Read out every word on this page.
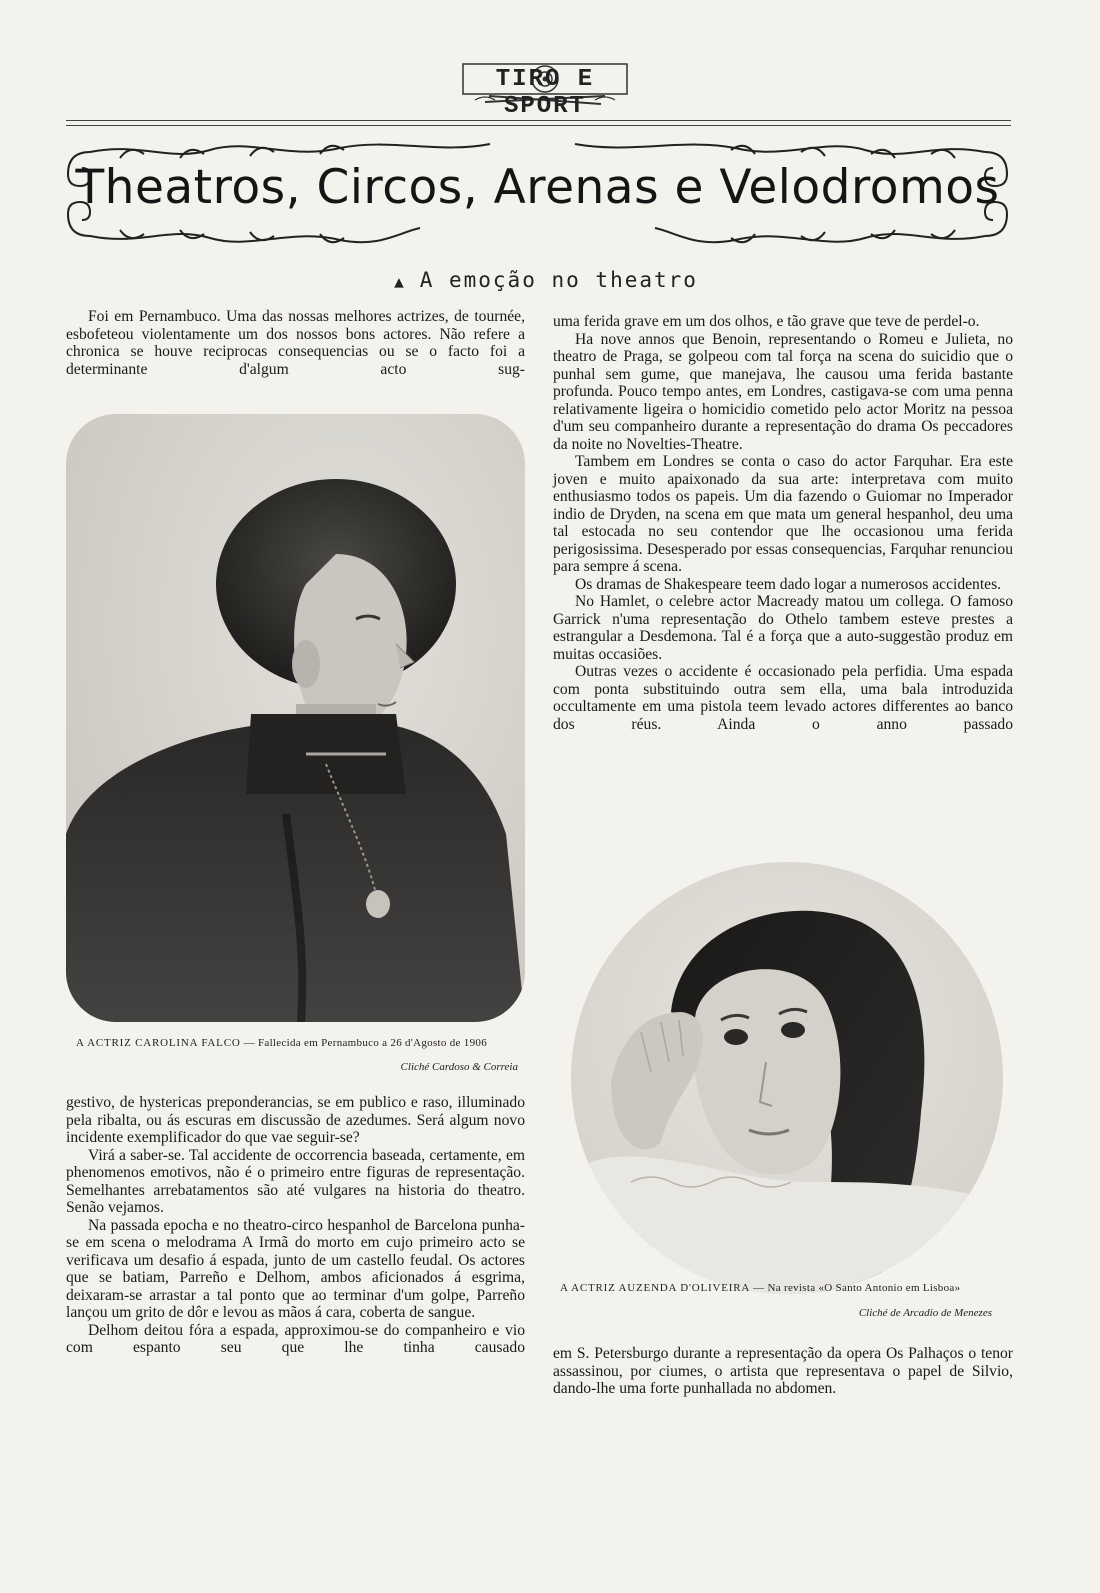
TIRO E SPORT
Theatros, Circos, Arenas e Velodromos
▲ A emoção no theatro

Foi em Pernambuco. Uma das nossas melhores actrizes, de tournée, esbofeteou violentamente um dos nossos bons actores. Não refere a chronica se houve reciprocas consequencias ou se o facto foi a determinante d'algum acto sug-

A ACTRIZ CAROLINA FALCO — Fallecida em Pernambuco a 26 d'Agosto de 1906
Cliché Cardoso & Correia

gestivo, de hystericas preponderancias, se em publico e raso, illuminado pela ribalta, ou ás escuras em discussão de azedumes. Será algum novo incidente exemplificador do que vae seguir-se?

Virá a saber-se. Tal accidente de occorrencia baseada, certamente, em phenomenos emotivos, não é o primeiro entre figuras de representação. Semelhantes arrebatamentos são até vulgares na historia do theatro. Senão vejamos.

Na passada epocha e no theatro-circo hespanhol de Barcelona punha-se em scena o melodrama A Irmã do morto em cujo primeiro acto se verificava um desafio á espada, junto de um castello feudal. Os actores que se batiam, Parreño e Delhom, ambos aficionados á esgrima, deixaram-se arrastar a tal ponto que ao terminar d'um golpe, Parreño lançou um grito de dôr e levou as mãos á cara, coberta de sangue.

Delhom deitou fóra a espada, approximou-se do companheiro e vio com espanto seu que lhe tinha causado

uma ferida grave em um dos olhos, e tão grave que teve de perdel-o.

Ha nove annos que Benoin, representando o Romeu e Julieta, no theatro de Praga, se golpeou com tal força na scena do suicidio que o punhal sem gume, que manejava, lhe causou uma ferida bastante profunda. Pouco tempo antes, em Londres, castigava-se com uma penna relativamente ligeira o homicidio cometido pelo actor Moritz na pessoa d'um seu companheiro durante a representação do drama Os peccadores da noite no Novelties-Theatre.

Tambem em Londres se conta o caso do actor Farquhar. Era este joven e muito apaixonado da sua arte: interpretava com muito enthusiasmo todos os papeis. Um dia fazendo o Guiomar no Imperador indio de Dryden, na scena em que mata um general hespanhol, deu uma tal estocada no seu contendor que lhe occasionou uma ferida perigosissima. Desesperado por essas consequencias, Farquhar renunciou para sempre á scena.

Os dramas de Shakespeare teem dado logar a numerosos accidentes.

No Hamlet, o celebre actor Macready matou um collega. O famoso Garrick n'uma representação do Othelo tambem esteve prestes a estrangular a Desdemona. Tal é a força que a auto-suggestão produz em muitas occasiões.

Outras vezes o accidente é occasionado pela perfidia. Uma espada com ponta substituindo outra sem ella, uma bala introduzida occultamente em uma pistola teem levado actores differentes ao banco dos réus. Ainda o anno passado

A ACTRIZ AUZENDA D'OLIVEIRA — Na revista «O Santo Antonio em Lisboa»
Cliché de Arcadio de Menezes

em S. Petersburgo durante a representação da opera Os Palhaços o tenor assassinou, por ciumes, o artista que representava o papel de Silvio, dando-lhe uma forte punhallada no abdomen.
